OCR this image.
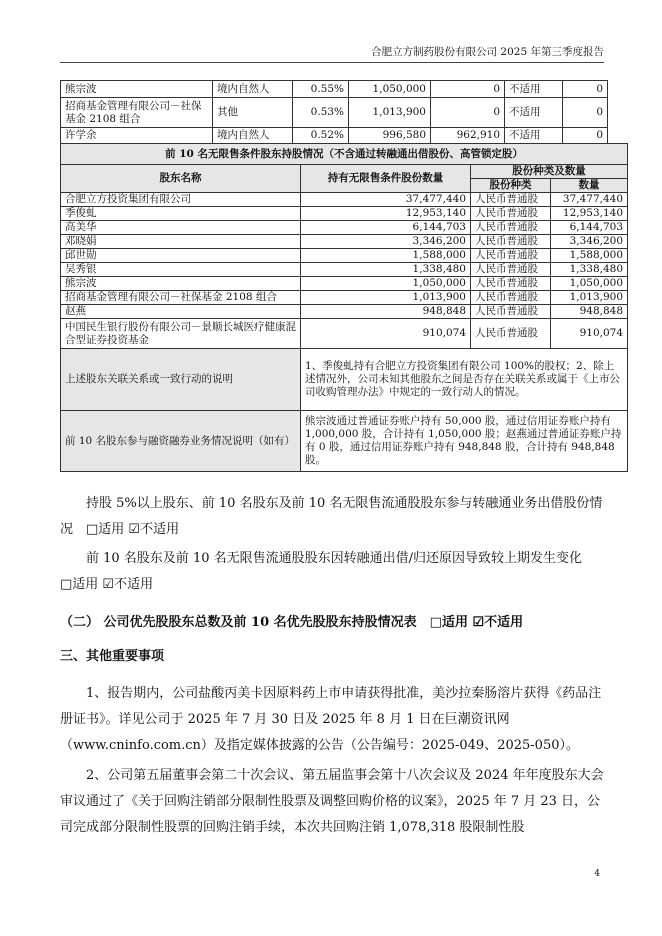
合肥立方制药股份有限公司 2025 年第三季度报告
熊宗波	境内自然人	0.55%	1,050,000	0	不适用	0
招商基金管理有限公司－社保基金 2108 组合	其他	0.53%	1,013,900	0	不适用	0
许学余	境内自然人	0.52%	996,580	962,910	不适用	0
前 10 名无限售条件股东持股情况（不含通过转融通出借股份、高管锁定股）			
股东名称	持有无限售条件股份数量	股份种类及数量	
		股份种类	数量
合肥立方投资集团有限公司	37,477,440	人民币普通股	37,477,440
季俊虬	12,953,140	人民币普通股	12,953,140
高美华	6,144,703	人民币普通股	6,144,703
邓晓娟	3,346,200	人民币普通股	3,346,200
邱世勋	1,588,000	人民币普通股	1,588,000
吴秀银	1,338,480	人民币普通股	1,338,480
熊宗波	1,050,000	人民币普通股	1,050,000
招商基金管理有限公司－社保基金 2108 组合	1,013,900	人民币普通股	1,013,900
赵燕	948,848	人民币普通股	948,848
中国民生银行股份有限公司－景顺长城医疗健康混合型证券投资基金	910,074	人民币普通股	910,074
上述股东关联关系或一致行动的说明	1、季俊虬持有合肥立方投资集团有限公司 100%的股权；2、除上述情况外，公司未知其他股东之间是否存在关联关系或属于《上市公司收购管理办法》中规定的一致行动人的情况。		
前 10 名股东参与融资融券业务情况说明（如有）	熊宗波通过普通证券账户持有 50,000 股，通过信用证券账户持有 1,000,000 股，合计持有 1,050,000 股；赵燕通过普通证券账户持有 0 股，通过信用证券账户持有 948,848 股，合计持有 948,848 股。		
持股 5%以上股东、前 10 名股东及前 10 名无限售流通股股东参与转融通业务出借股份情况　□适用 ☑不适用
前 10 名股东及前 10 名无限售流通股股东因转融通出借/归还原因导致较上期发生变化
□适用 ☑不适用
（二） 公司优先股股东总数及前 10 名优先股股东持股情况表　□适用 ☑不适用
三、其他重要事项
1、报告期内，公司盐酸丙美卡因原料药上市申请获得批准，美沙拉秦肠溶片获得《药品注册证书》。详见公司于 2025 年 7 月 30 日及 2025 年 8 月 1 日在巨潮资讯网（www.cninfo.com.cn）及指定媒体披露的公告（公告编号：2025-049、2025-050）。
2、公司第五届董事会第二十次会议、第五届监事会第十八次会议及 2024 年年度股东大会审议通过了《关于回购注销部分限制性股票及调整回购价格的议案》，2025 年 7 月 23 日，公司完成部分限制性股票的回购注销手续，本次共回购注销 1,078,318 股限制性股
4
